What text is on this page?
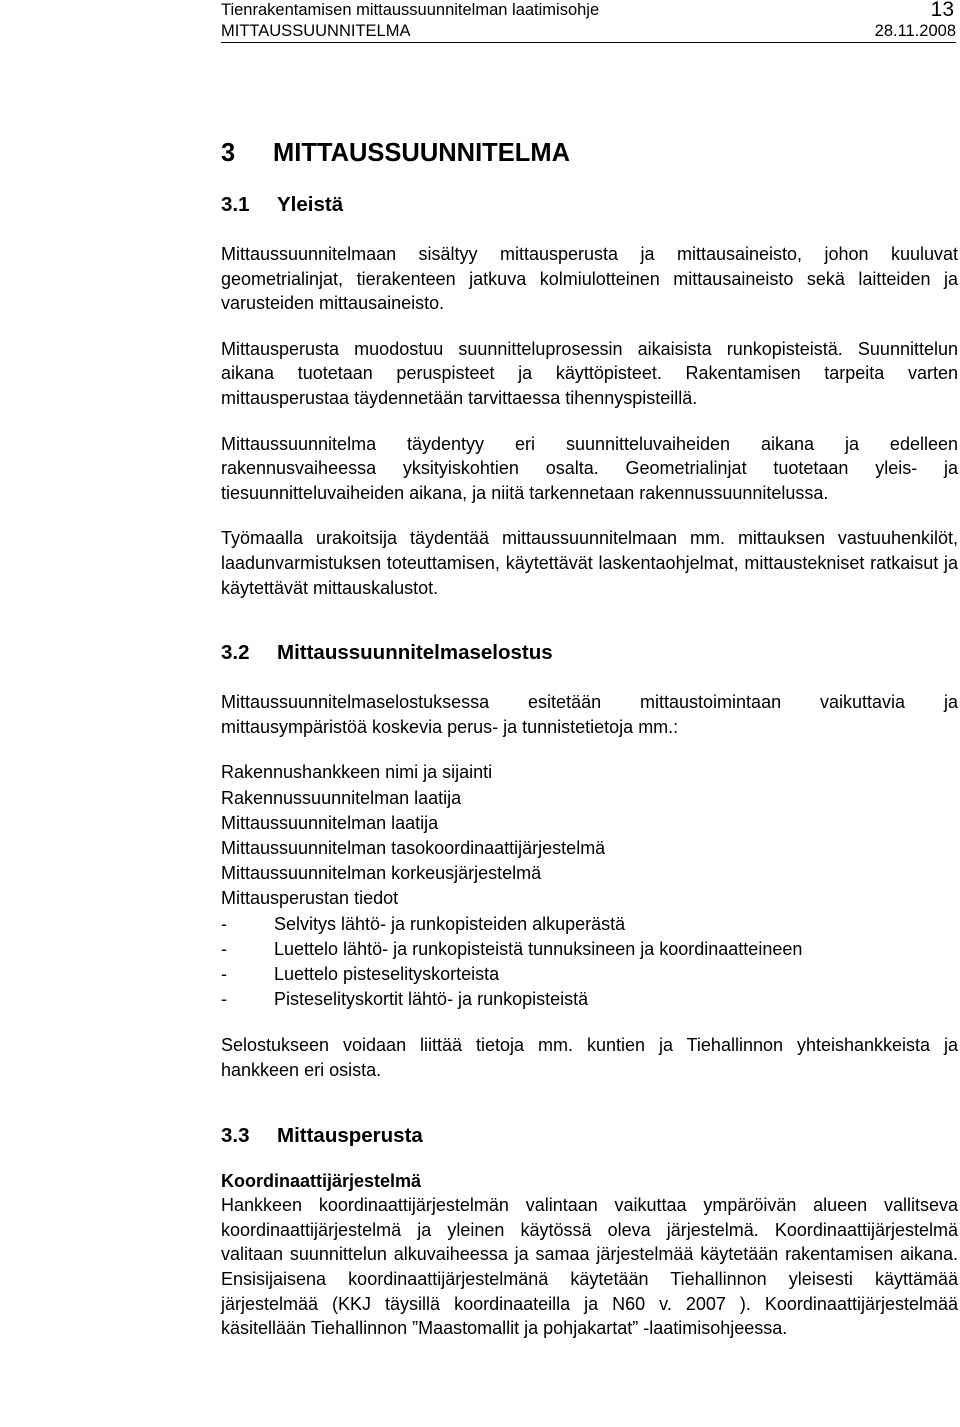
Tienrakentamisen mittaussuunnitelman laatimisohje
MITTAUSSUUNNITELMA
13
28.11.2008
3 MITTAUSSUUNNITELMA
3.1 Yleistä

Mittaussuunnitelmaan sisältyy mittausperusta ja mittausaineisto, johon kuuluvat geometrialinjat, tierakenteen jatkuva kolmiulotteinen mittausaineisto sekä laitteiden ja varusteiden mittausaineisto.

Mittausperusta muodostuu suunnitteluprosessin aikaisista runkopisteistä. Suunnittelun aikana tuotetaan peruspisteet ja käyttöpisteet. Rakentamisen tarpeita varten mittausperustaa täydennetään tarvittaessa tihennyspisteillä.

Mittaussuunnitelma täydentyy eri suunnitteluvaiheiden aikana ja edelleen rakennusvaiheessa yksityiskohtien osalta. Geometrialinjat tuotetaan yleis- ja tiesuunnitteluvaiheiden aikana, ja niitä tarkennetaan rakennussuunnitelussa.

Työmaalla urakoitsija täydentää mittaussuunnitelmaan mm. mittauksen vastuuhenkilöt, laadunvarmistuksen toteuttamisen, käytettävät laskentaohjelmat, mittaustekniset ratkaisut ja käytettävät mittauskalustot.

3.2 Mittaussuunnitelmaselostus

Mittaussuunnitelmaselostuksessa esitetään mittaustoimintaan vaikuttavia ja mittausympäristöä koskevia perus- ja tunnistetietoja mm.:

Rakennushankkeen nimi ja sijainti
Rakennussuunnitelman laatija
Mittaussuunnitelman laatija
Mittaussuunnitelman tasokoordinaattijärjestelmä
Mittaussuunnitelman korkeusjärjestelmä
Mittausperustan tiedot
-	Selvitys lähtö- ja runkopisteiden alkuperästä
-	Luettelo lähtö- ja runkopisteistä tunnuksineen ja koordinaatteineen
-	Luettelo pisteselityskorteista
-	Pisteselityskortit lähtö- ja runkopisteistä

Selostukseen voidaan liittää tietoja mm. kuntien ja Tiehallinnon yhteishankkeista ja hankkeen eri osista.

3.3 Mittausperusta
Koordinaattijärjestelmä

Hankkeen koordinaattijärjestelmän valintaan vaikuttaa ympäröivän alueen vallitseva koordinaattijärjestelmä ja yleinen käytössä oleva järjestelmä. Koordinaattijärjestelmä valitaan suunnittelun alkuvaiheessa ja samaa järjestelmää käytetään rakentamisen aikana. Ensisijaisena koordinaattijärjestelmänä käytetään Tiehallinnon yleisesti käyttämää järjestelmää (KKJ täysillä koordinaateilla ja N60 v. 2007 ). Koordinaattijärjestelmää käsitellään Tiehallinnon ”Maastomallit ja pohjakartat” -laatimisohjeessa.
